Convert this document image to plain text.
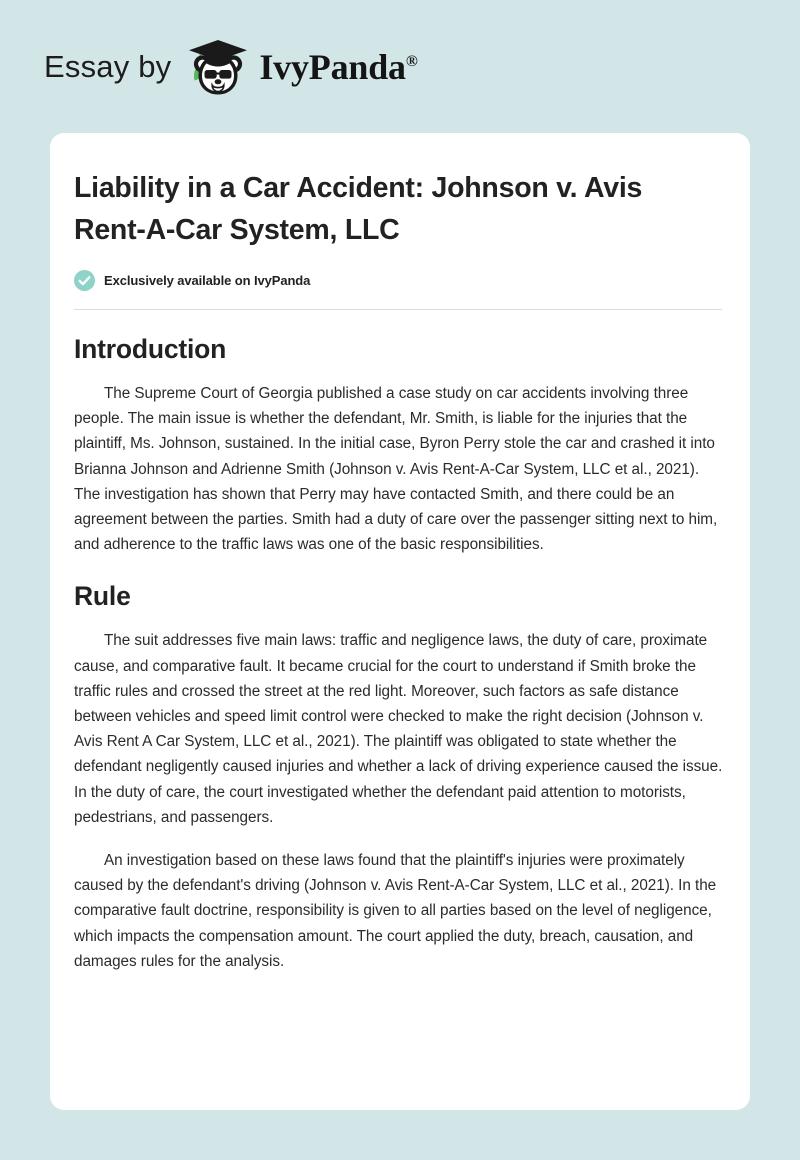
Essay by IvyPanda®
Liability in a Car Accident: Johnson v. Avis Rent-A-Car System, LLC
Exclusively available on IvyPanda
Introduction

The Supreme Court of Georgia published a case study on car accidents involving three people. The main issue is whether the defendant, Mr. Smith, is liable for the injuries that the plaintiff, Ms. Johnson, sustained. In the initial case, Byron Perry stole the car and crashed it into Brianna Johnson and Adrienne Smith (Johnson v. Avis Rent-A-Car System, LLC et al., 2021). The investigation has shown that Perry may have contacted Smith, and there could be an agreement between the parties. Smith had a duty of care over the passenger sitting next to him, and adherence to the traffic laws was one of the basic responsibilities.

Rule

The suit addresses five main laws: traffic and negligence laws, the duty of care, proximate cause, and comparative fault. It became crucial for the court to understand if Smith broke the traffic rules and crossed the street at the red light. Moreover, such factors as safe distance between vehicles and speed limit control were checked to make the right decision (Johnson v. Avis Rent A Car System, LLC et al., 2021). The plaintiff was obligated to state whether the defendant negligently caused injuries and whether a lack of driving experience caused the issue. In the duty of care, the court investigated whether the defendant paid attention to motorists, pedestrians, and passengers.

An investigation based on these laws found that the plaintiff's injuries were proximately caused by the defendant's driving (Johnson v. Avis Rent-A-Car System, LLC et al., 2021). In the comparative fault doctrine, responsibility is given to all parties based on the level of negligence, which impacts the compensation amount. The court applied the duty, breach, causation, and damages rules for the analysis.
